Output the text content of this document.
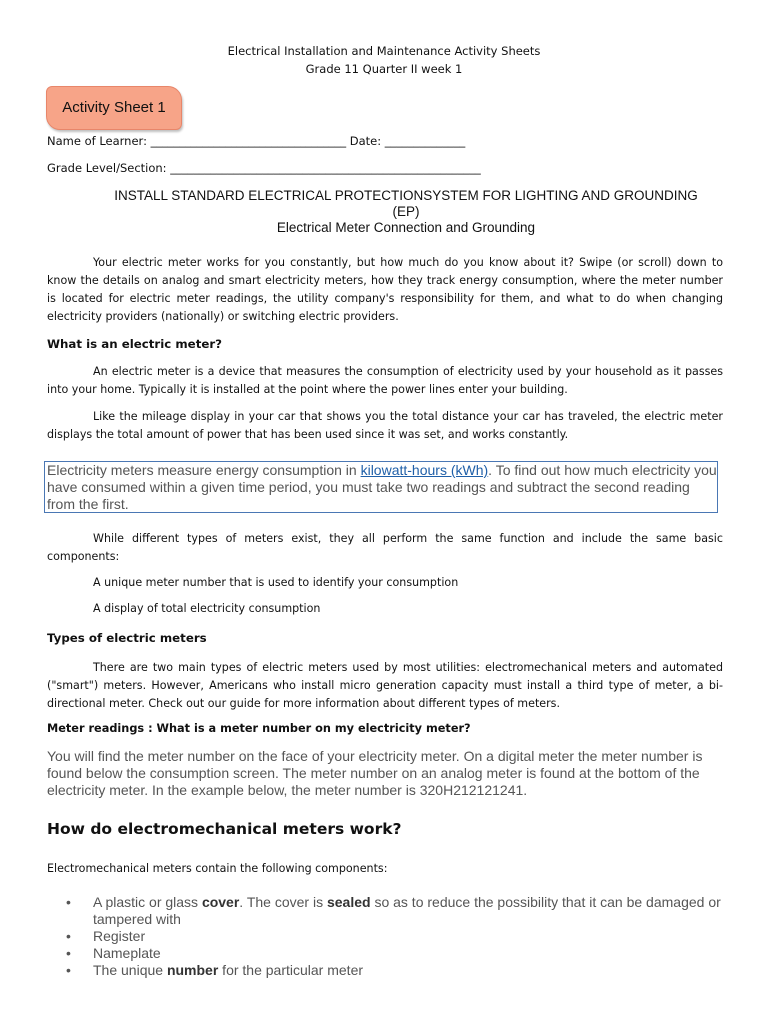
Electrical Installation and Maintenance Activity Sheets
Grade 11 Quarter II week 1
Activity Sheet 1
Name of Learner: __________________________________ Date: ______________
Grade Level/Section: ______________________________________________________
INSTALL STANDARD ELECTRICAL PROTECTIONSYSTEM FOR LIGHTING AND GROUNDING
(EP)
Electrical Meter Connection and Grounding
Your electric meter works for you constantly, but how much do you know about it? Swipe (or scroll) down to know the details on analog and smart electricity meters, how they track energy consumption, where the meter number is located for electric meter readings, the utility company's responsibility for them, and what to do when changing electricity providers (nationally) or switching electric providers.
What is an electric meter?
An electric meter is a device that measures the consumption of electricity used by your household as it passes into your home. Typically it is installed at the point where the power lines enter your building.
Like the mileage display in your car that shows you the total distance your car has traveled, the electric meter displays the total amount of power that has been used since it was set, and works constantly.
Electricity meters measure energy consumption in kilowatt-hours (kWh). To find out how much electricity you have consumed within a given time period, you must take two readings and subtract the second reading from the first.
While different types of meters exist, they all perform the same function and include the same basic components:
A unique meter number that is used to identify your consumption
A display of total electricity consumption
Types of electric meters
There are two main types of electric meters used by most utilities: electromechanical meters and automated ("smart") meters. However, Americans who install micro generation capacity must install a third type of meter, a bi-directional meter. Check out our guide for more information about different types of meters.
Meter readings : What is a meter number on my electricity meter?
You will find the meter number on the face of your electricity meter. On a digital meter the meter number is found below the consumption screen. The meter number on an analog meter is found at the bottom of the electricity meter. In the example below, the meter number is 320H212121241.
How do electromechanical meters work?
Electromechanical meters contain the following components:
• A plastic or glass cover. The cover is sealed so as to reduce the possibility that it can be damaged or tampered with
• Register
• Nameplate
• The unique number for the particular meter
